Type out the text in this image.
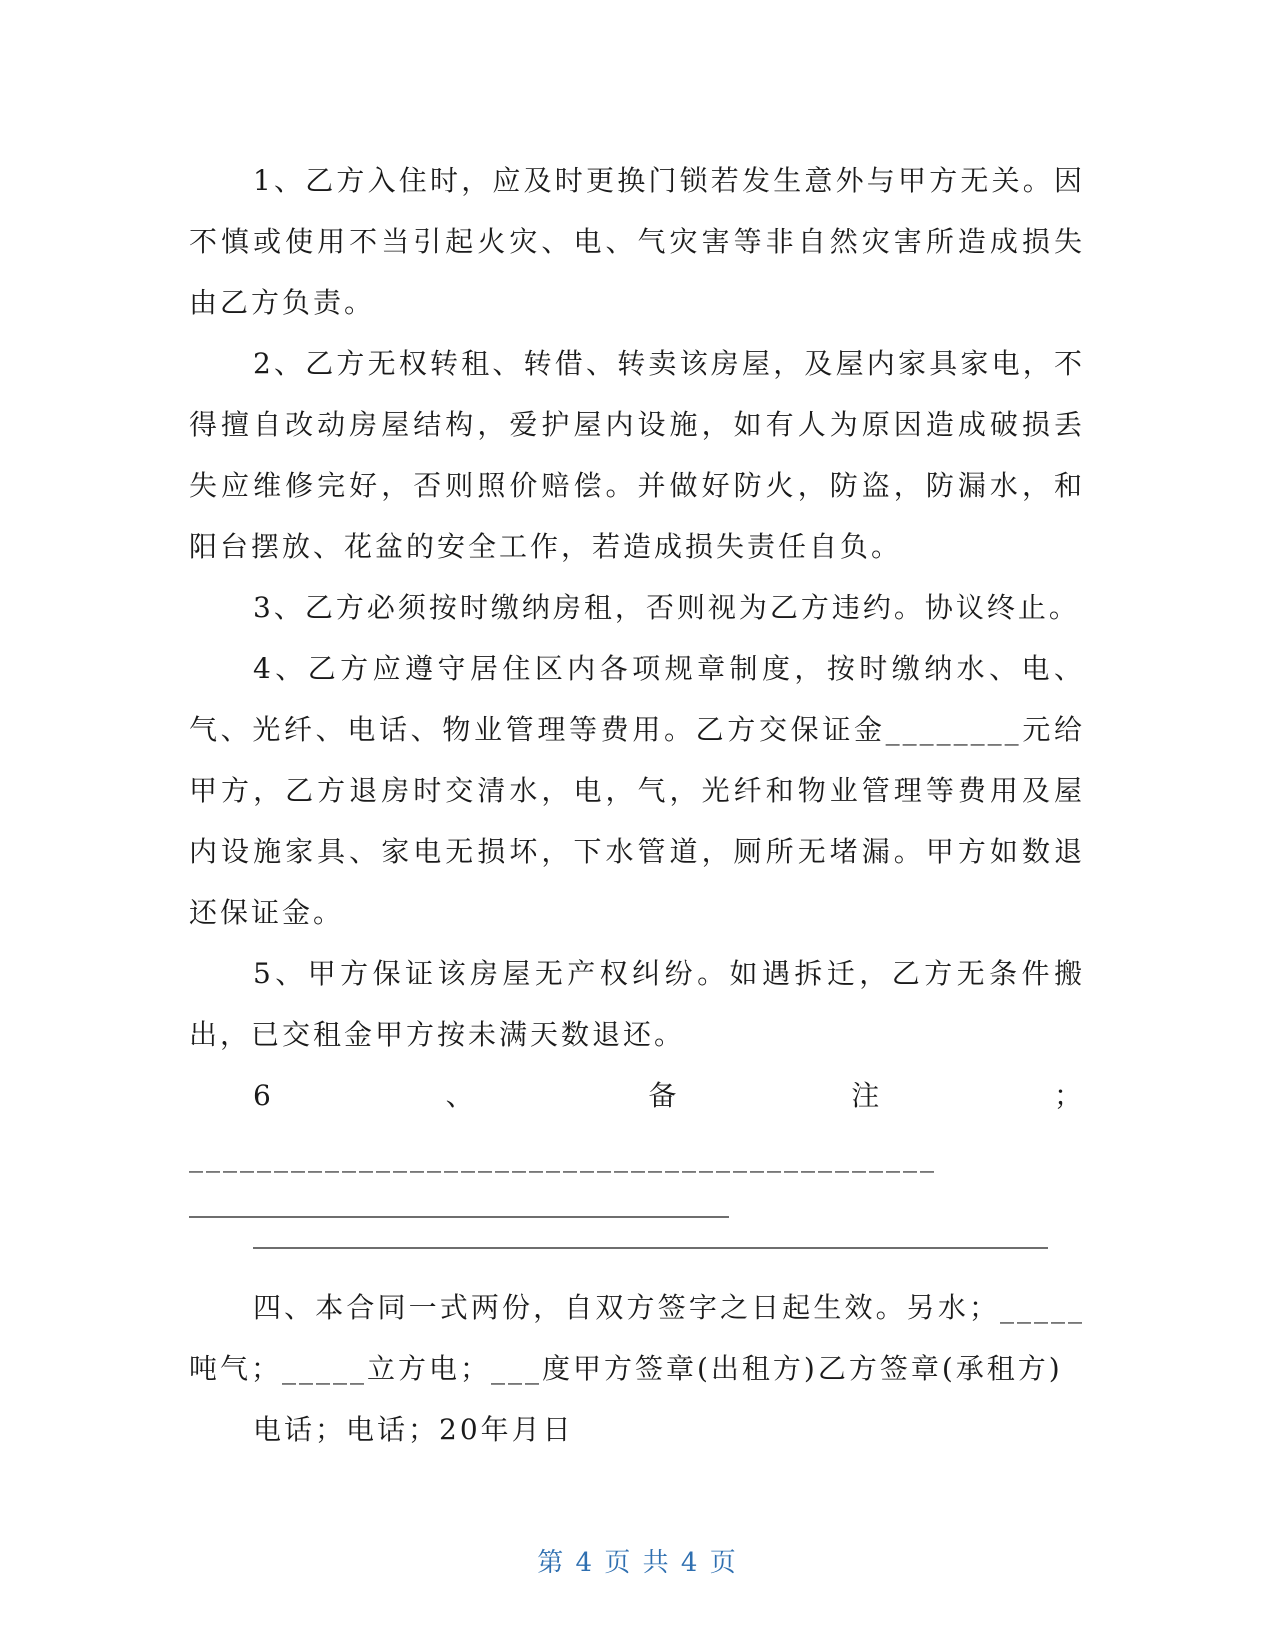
1、乙方入住时，应及时更换门锁若发生意外与甲方无关。因不慎或使用不当引起火灾、电、气灾害等非自然灾害所造成损失由乙方负责。

2、乙方无权转租、转借、转卖该房屋，及屋内家具家电，不得擅自改动房屋结构，爱护屋内设施，如有人为原因造成破损丢失应维修完好，否则照价赔偿。并做好防火，防盗，防漏水，和阳台摆放、花盆的安全工作，若造成损失责任自负。

3、乙方必须按时缴纳房租，否则视为乙方违约。协议终止。

4、乙方应遵守居住区内各项规章制度，按时缴纳水、电、气、光纤、电话、物业管理等费用。乙方交保证金________元给甲方，乙方退房时交清水，电，气，光纤和物业管理等费用及屋内设施家具、家电无损坏，下水管道，厕所无堵漏。甲方如数退还保证金。

5、甲方保证该房屋无产权纠纷。如遇拆迁，乙方无条件搬出，已交租金甲方按未满天数退还。

6、备注；____________________________________________

四、本合同一式两份，自双方签字之日起生效。另水；_____吨气；_____立方电；___度甲方签章(出租方)乙方签章(承租方)

电话；电话；20年月日

第 4 页 共 4 页
